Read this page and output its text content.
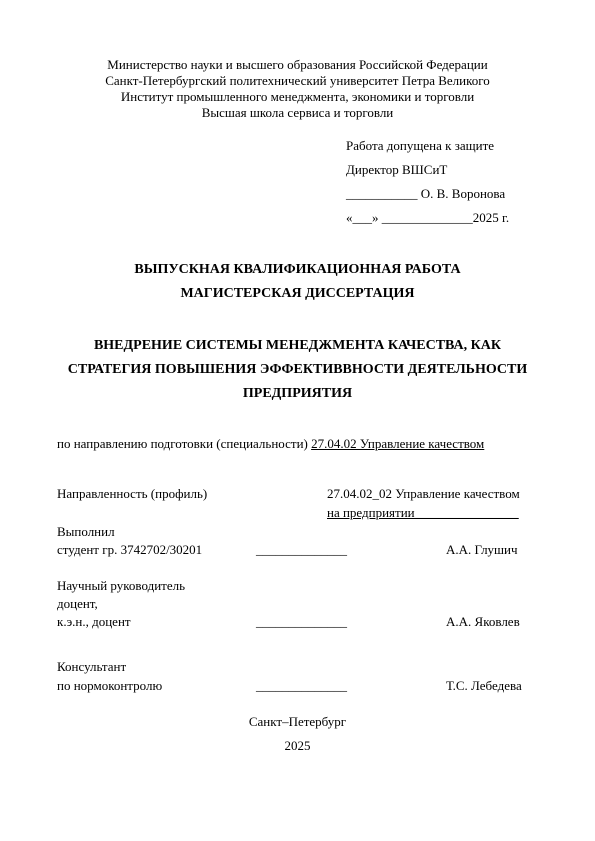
Министерство науки и высшего образования Российской Федерации
Санкт-Петербургский политехнический университет Петра Великого
Институт промышленного менеджмента, экономики и торговли
Высшая школа сервиса и торговли
Работа допущена к защите
Директор ВШСиТ
___________ О. В. Воронова
«___» ______________2025 г.
ВЫПУСКНАЯ КВАЛИФИКАЦИОННАЯ РАБОТА
МАГИСТЕРСКАЯ ДИССЕРТАЦИЯ
ВНЕДРЕНИЕ СИСТЕМЫ МЕНЕДЖМЕНТА КАЧЕСТВА, КАК
СТРАТЕГИЯ ПОВЫШЕНИЯ ЭФФЕКТИВВНОСТИ ДЕЯТЕЛЬНОСТИ
ПРЕДПРИЯТИЯ
по направлению подготовки (специальности) 27.04.02 Управление качеством
Направленность (профиль)	27.04.02_02 Управление качеством
на предприятии________________
Выполнил
студент гр. 3742702/30201	______________	А.А. Глушич
Научный руководитель
доцент,
к.э.н., доцент	______________	А.А. Яковлев
Консультант
по нормоконтролю	______________	Т.С. Лебедева
Санкт–Петербург
2025
